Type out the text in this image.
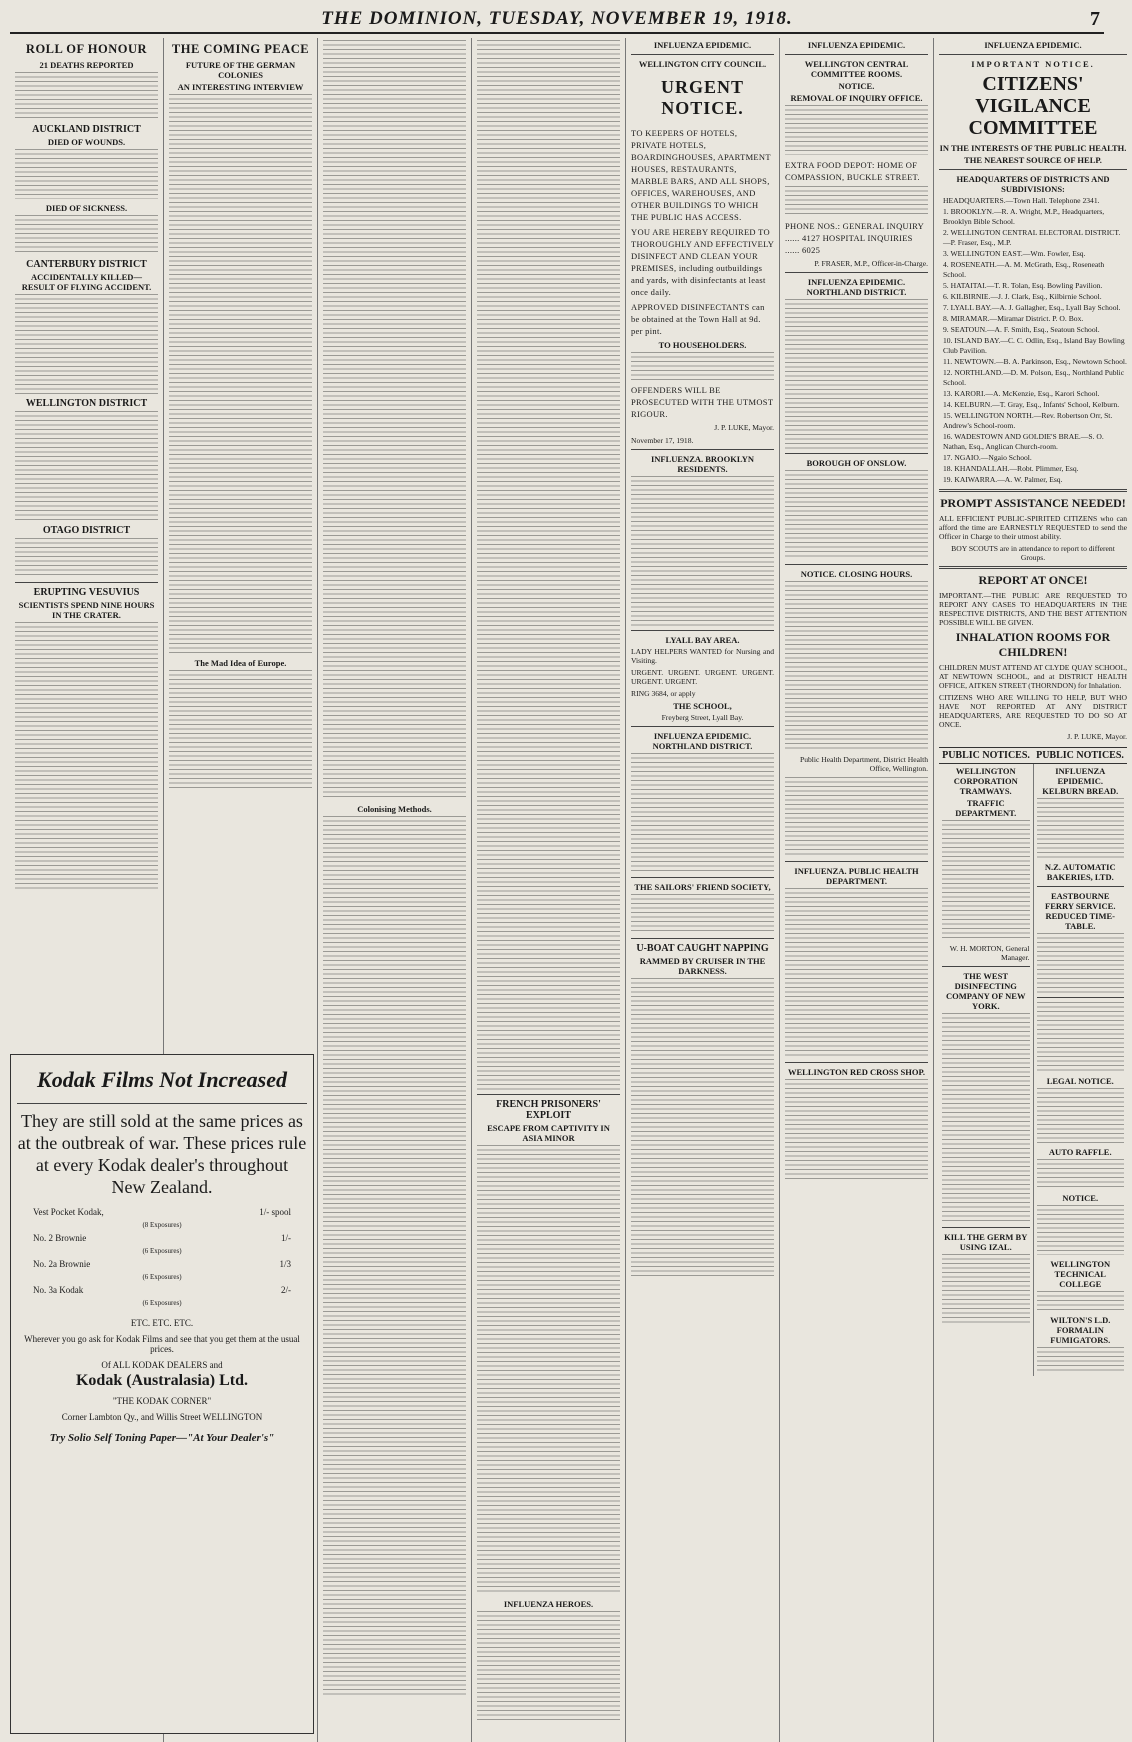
THE DOMINION, TUESDAY, NOVEMBER 19, 1918.	7
ROLL OF HONOUR
21 DEATHS REPORTED
AUCKLAND DISTRICT
DIED OF WOUNDS.
DIED OF SICKNESS.
CANTERBURY DISTRICT
ACCIDENTALLY KILLED—RESULT OF FLYING ACCIDENT.
WELLINGTON DISTRICT
OTAGO DISTRICT
ERUPTING VESUVIUS
SCIENTISTS SPEND NINE HOURS IN THE CRATER.
THE COMING PEACE
FUTURE OF THE GERMAN COLONIES
AN INTERESTING INTERVIEW
The Mad Idea of Europe.
Colonising Methods.
FRENCH PRISONERS' EXPLOIT
ESCAPE FROM CAPTIVITY IN ASIA MINOR
INFLUENZA HEROES.
INFLUENZA EPIDEMIC.
WELLINGTON CITY COUNCIL.
URGENT NOTICE.
TO KEEPERS OF HOTELS, PRIVATE HOTELS, BOARDINGHOUSES, APARTMENT HOUSES, RESTAURANTS, MARBLE BARS, AND ALL SHOPS, OFFICES, WAREHOUSES, AND OTHER BUILDINGS TO WHICH THE PUBLIC HAS ACCESS.
YOU ARE HEREBY REQUIRED TO THOROUGHLY AND EFFECTIVELY DISINFECT AND CLEAN YOUR PREMISES, including outbuildings and yards, with disinfectants at least once daily.
APPROVED DISINFECTANTS can be obtained at the Town Hall at 9d. per pint.
TO HOUSEHOLDERS.
OFFENDERS WILL BE PROSECUTED WITH THE UTMOST RIGOUR.
J. P. LUKE, Mayor.

November 17, 1918.

INFLUENZA. BROOKLYN RESIDENTS.
LYALL BAY AREA.

LADY HELPERS WANTED for Nursing and Visiting.

URGENT. URGENT. URGENT. URGENT. URGENT. URGENT.

RING 3684, or apply

THE SCHOOL,

Freyberg Street, Lyall Bay.

INFLUENZA EPIDEMIC. NORTHLAND DISTRICT.
THE SAILORS' FRIEND SOCIETY,
U-BOAT CAUGHT NAPPING
RAMMED BY CRUISER IN THE DARKNESS.
INFLUENZA EPIDEMIC.
WELLINGTON CENTRAL COMMITTEE ROOMS.
NOTICE.
REMOVAL OF INQUIRY OFFICE.
EXTRA FOOD DEPOT: HOME OF COMPASSION, BUCKLE STREET.
PHONE NOS.: GENERAL INQUIRY ...... 4127 HOSPITAL INQUIRIES ...... 6025
P. FRASER, M.P., Officer-in-Charge.
INFLUENZA EPIDEMIC. NORTHLAND DISTRICT.
BOROUGH OF ONSLOW.
NOTICE. CLOSING HOURS.
Public Health Department, District Health Office, Wellington.
INFLUENZA. PUBLIC HEALTH DEPARTMENT.
WELLINGTON RED CROSS SHOP.
INFLUENZA EPIDEMIC.
IMPORTANT NOTICE.
CITIZENS' VIGILANCE COMMITTEE
IN THE INTERESTS OF THE PUBLIC HEALTH.
THE NEAREST SOURCE OF HELP.
HEADQUARTERS OF DISTRICTS AND SUBDIVISIONS:
HEADQUARTERS.—Town Hall. Telephone 2341.
1. BROOKLYN.—R. A. Wright, M.P., Headquarters, Brooklyn Bible School.
2. WELLINGTON CENTRAL ELECTORAL DISTRICT.—P. Fraser, Esq., M.P.
3. WELLINGTON EAST.—Wm. Fowler, Esq.
4. ROSENEATH.—A. M. McGrath, Esq., Roseneath School.
5. HATAITAI.—T. R. Tolan, Esq. Bowling Pavilion.
6. KILBIRNIE.—J. J. Clark, Esq., Kilbirnie School.
7. LYALL BAY.—A. J. Gallagher, Esq., Lyall Bay School.
8. MIRAMAR.—Miramar District. P. O. Box.
9. SEATOUN.—A. F. Smith, Esq., Seatoun School.
10. ISLAND BAY.—C. C. Odlin, Esq., Island Bay Bowling Club Pavilion.
11. NEWTOWN.—B. A. Parkinson, Esq., Newtown School.
12. NORTHLAND.—D. M. Polson, Esq., Northland Public School.
13. KARORI.—A. McKenzie, Esq., Karori School.
14. KELBURN.—T. Gray, Esq., Infants' School, Kelburn.
15. WELLINGTON NORTH.—Rev. Robertson Orr, St. Andrew's School-room.
16. WADESTOWN AND GOLDIE'S BRAE.—S. O. Nathan, Esq., Anglican Church-room.
17. NGAIO.—Ngaio School.
18. KHANDALLAH.—Robt. Plimmer, Esq.
19. KAIWARRA.—A. W. Palmer, Esq.
PROMPT ASSISTANCE NEEDED!

ALL EFFICIENT PUBLIC-SPIRITED CITIZENS who can afford the time are EARNESTLY REQUESTED to send the Officer in Charge to their utmost ability.

BOY SCOUTS are in attendance to report to different Groups.

REPORT AT ONCE!

IMPORTANT.—THE PUBLIC ARE REQUESTED TO REPORT ANY CASES TO HEADQUARTERS IN THE RESPECTIVE DISTRICTS, AND THE BEST ATTENTION POSSIBLE WILL BE GIVEN.

INHALATION ROOMS FOR CHILDREN!

CHILDREN MUST ATTEND AT CLYDE QUAY SCHOOL, AT NEWTOWN SCHOOL, and at DISTRICT HEALTH OFFICE, AITKEN STREET (THORNDON) for Inhalation.

CITIZENS WHO ARE WILLING TO HELP, BUT WHO HAVE NOT REPORTED AT ANY DISTRICT HEADQUARTERS, ARE REQUESTED TO DO SO AT ONCE.

J. P. LUKE, Mayor.
PUBLIC NOTICES. PUBLIC NOTICES.
WELLINGTON CORPORATION TRAMWAYS.
TRAFFIC DEPARTMENT.
W. H. MORTON, General Manager.
THE WEST DISINFECTING COMPANY OF NEW YORK.
KILL THE GERM BY USING IZAL.
INFLUENZA EPIDEMIC. KELBURN BREAD.
N.Z. AUTOMATIC BAKERIES, LTD.
EASTBOURNE FERRY SERVICE. REDUCED TIME-TABLE.
LEGAL NOTICE.
AUTO RAFFLE.
NOTICE.
WELLINGTON TECHNICAL COLLEGE
WILTON'S L.D. FORMALIN FUMIGATORS.
Kodak Films Not Increased
They are still sold at the same prices as at the outbreak of war. These prices rule at every Kodak dealer's throughout New Zealand.
Vest Pocket Kodak,	1/- spool
(8 Exposures)
No. 2 Brownie	1/-
(6 Exposures)
No. 2a Brownie	1/3
(6 Exposures)
No. 3a Kodak	2/-
(6 Exposures)
ETC. ETC. ETC.
Wherever you go ask for Kodak Films and see that you get them at the usual prices.
Of ALL KODAK DEALERS and
Kodak (Australasia) Ltd.
"THE KODAK CORNER"
Corner Lambton Qy., and Willis Street WELLINGTON
Try Solio Self Toning Paper—"At Your Dealer's"
